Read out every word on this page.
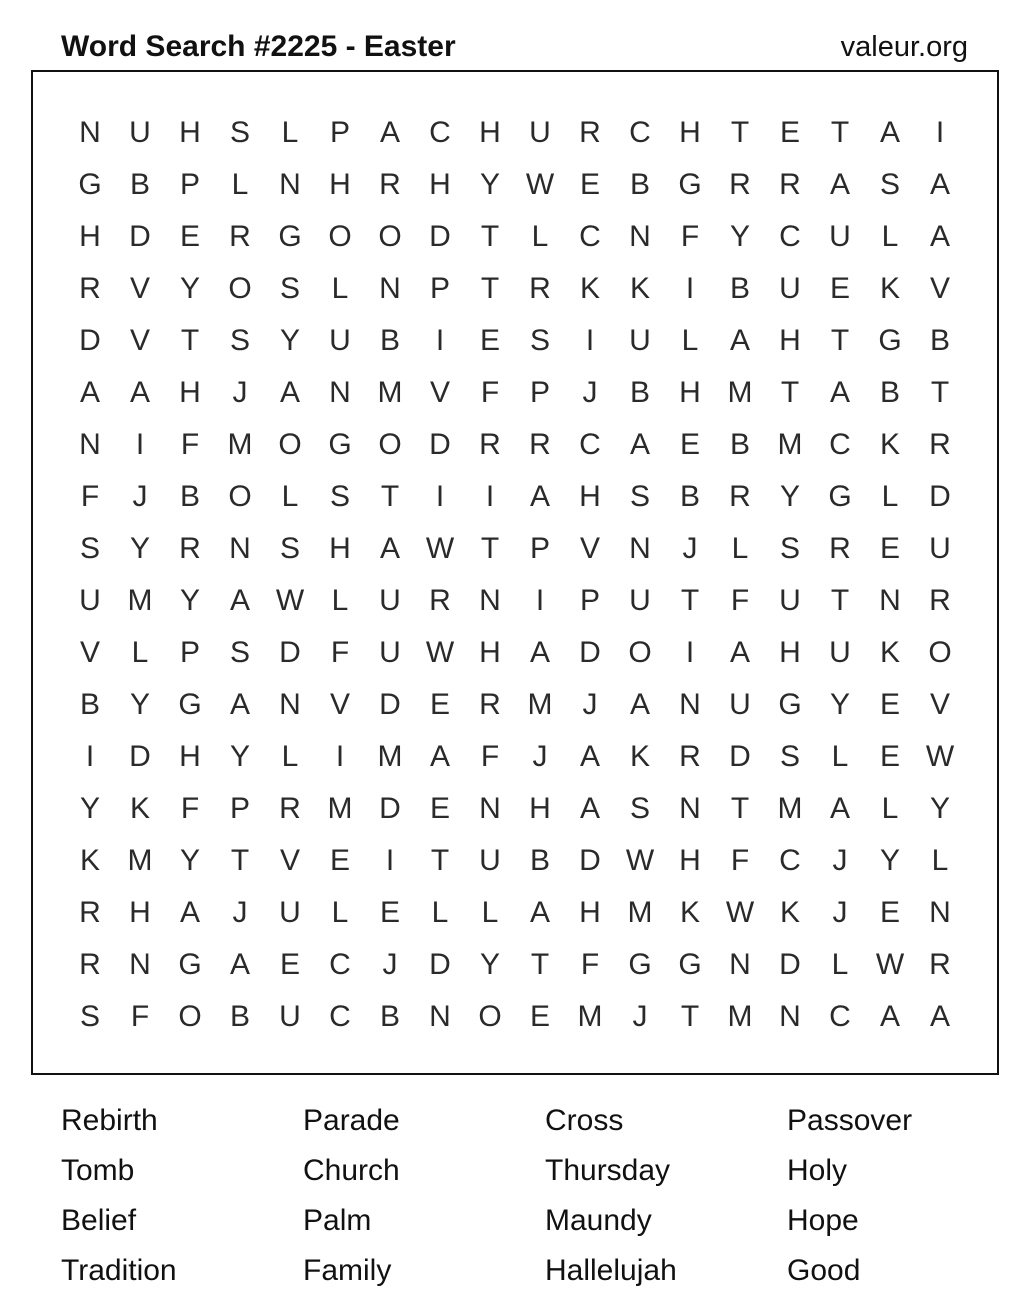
Word Search #2225 - Easter	valeur.org
N U H S	L	P A C H U R C H	T	E	T	A	I
G B P	L	N H R H Y W E B G R R A S A
H D E R G O O D	T	L	C N	F	Y C U	L	A
R V Y O S	L	N P	T	R K K	I	B U E K V
D V	T	S Y U B	I	E S	I	U	L	A H	T G B
A A H	J	A N M V	F	P	J	B H M T	A B	T
N	I	F M O G O D R R C A E B M C K R
F	J	B O L	S	T	I	I	A H S B R Y G L	D
S Y R N S H A W T	P V N	J	L	S R E U
U M Y A W L	U R N	I	P U	T	F	U	T	N R
V	L	P S D	F	U W H A D O	I	A H U K O
B Y G A N V D E R M	J	A N U G Y E V
I	D H Y	L	I	M A	F	J	A K R D S	L	E W
Y K	F	P R M D E N H A S N	T M A	L	Y
K M Y	T	V E	I	T	U B D W H	F	C	J	Y	L
R H A	J	U	L	E	L	L	A H M K W K	J	E N
R N G A E C	J	D Y	T	F G G N D	L W R
S	F O B U C B N O E M	J	T M N C A A
Rebirth	Parade	Cross	Passover
Tomb	Church	Thursday	Holy
Belief	Palm	Maundy	Hope
Tradition	Family	Hallelujah	Good
